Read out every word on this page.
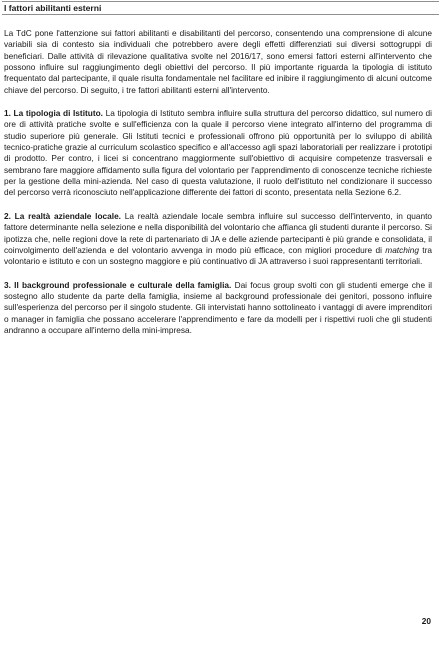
I fattori abilitanti esterni

La TdC pone l'attenzione sui fattori abilitanti e disabilitanti del percorso, consentendo una comprensione di alcune variabili sia di contesto sia individuali che potrebbero avere degli effetti differenziati sui diversi sottogruppi di beneficiari. Dalle attività di rilevazione qualitativa svolte nel 2016/17, sono emersi fattori esterni all'intervento che possono influire sul raggiungimento degli obiettivi del percorso. Il più importante riguarda la tipologia di istituto frequentato dal partecipante, il quale risulta fondamentale nel facilitare ed inibire il raggiungimento di alcuni outcome chiave del percorso. Di seguito, i tre fattori abilitanti esterni all'intervento.

1. La tipologia di Istituto. La tipologia di Istituto sembra influire sulla struttura del percorso didattico, sul numero di ore di attività pratiche svolte e sull'efficienza con la quale il percorso viene integrato all'interno del programma di studio superiore più generale. Gli Istituti tecnici e professionali offrono più opportunità per lo sviluppo di abilità tecnico-pratiche grazie al curriculum scolastico specifico e all'accesso agli spazi laboratoriali per realizzare i prototipi di prodotto. Per contro, i licei si concentrano maggiormente sull'obiettivo di acquisire competenze trasversali e sembrano fare maggiore affidamento sulla figura del volontario per l'apprendimento di conoscenze tecniche richieste per la gestione della mini-azienda. Nel caso di questa valutazione, il ruolo dell'istituto nel condizionare il successo del percorso verrà riconosciuto nell'applicazione differente dei fattori di sconto, presentata nella Sezione 6.2.

2. La realtà aziendale locale. La realtà aziendale locale sembra influire sul successo dell'intervento, in quanto fattore determinante nella selezione e nella disponibilità del volontario che affianca gli studenti durante il percorso. Si ipotizza che, nelle regioni dove la rete di partenariato di JA e delle aziende partecipanti è più grande e consolidata, il coinvolgimento dell'azienda e del volontario avvenga in modo più efficace, con migliori procedure di matching tra volontario e istituto e con un sostegno maggiore e più continuativo di JA attraverso i suoi rappresentanti territoriali.

3. Il background professionale e culturale della famiglia. Dai focus group svolti con gli studenti emerge che il sostegno allo studente da parte della famiglia, insieme al background professionale dei genitori, possono influire sull'esperienza del percorso per il singolo studente. Gli intervistati hanno sottolineato i vantaggi di avere imprenditori o manager in famiglia che possano accelerare l'apprendimento e fare da modelli per i rispettivi ruoli che gli studenti andranno a occupare all'interno della mini-impresa.

20
